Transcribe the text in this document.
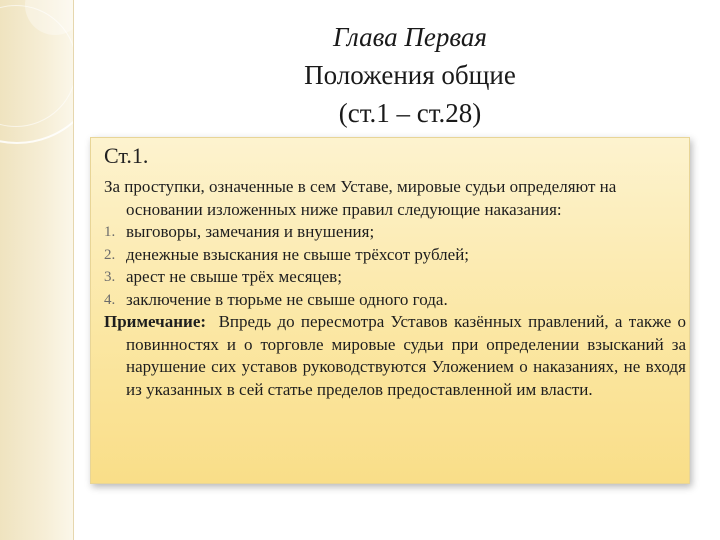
Глава Первая
Положения общие
(ст.1 – ст.28)
Ст.1.

За проступки, означенные в сем Уставе, мировые судьи определяют на основании изложенных ниже правил следующие наказания:

1. выговоры, замечания и внушения;
2. денежные взыскания не свыше трёхсот рублей;
3. арест не свыше трёх месяцев;
4. заключение в тюрьме не свыше одного года.

Примечание: Впредь до пересмотра Уставов казённых правлений, а также о повинностях и о торговле мировые судьи при определении взысканий за нарушение сих уставов руководствуются Уложением о наказаниях, не входя из указанных в сей статье пределов предоставленной им власти.
